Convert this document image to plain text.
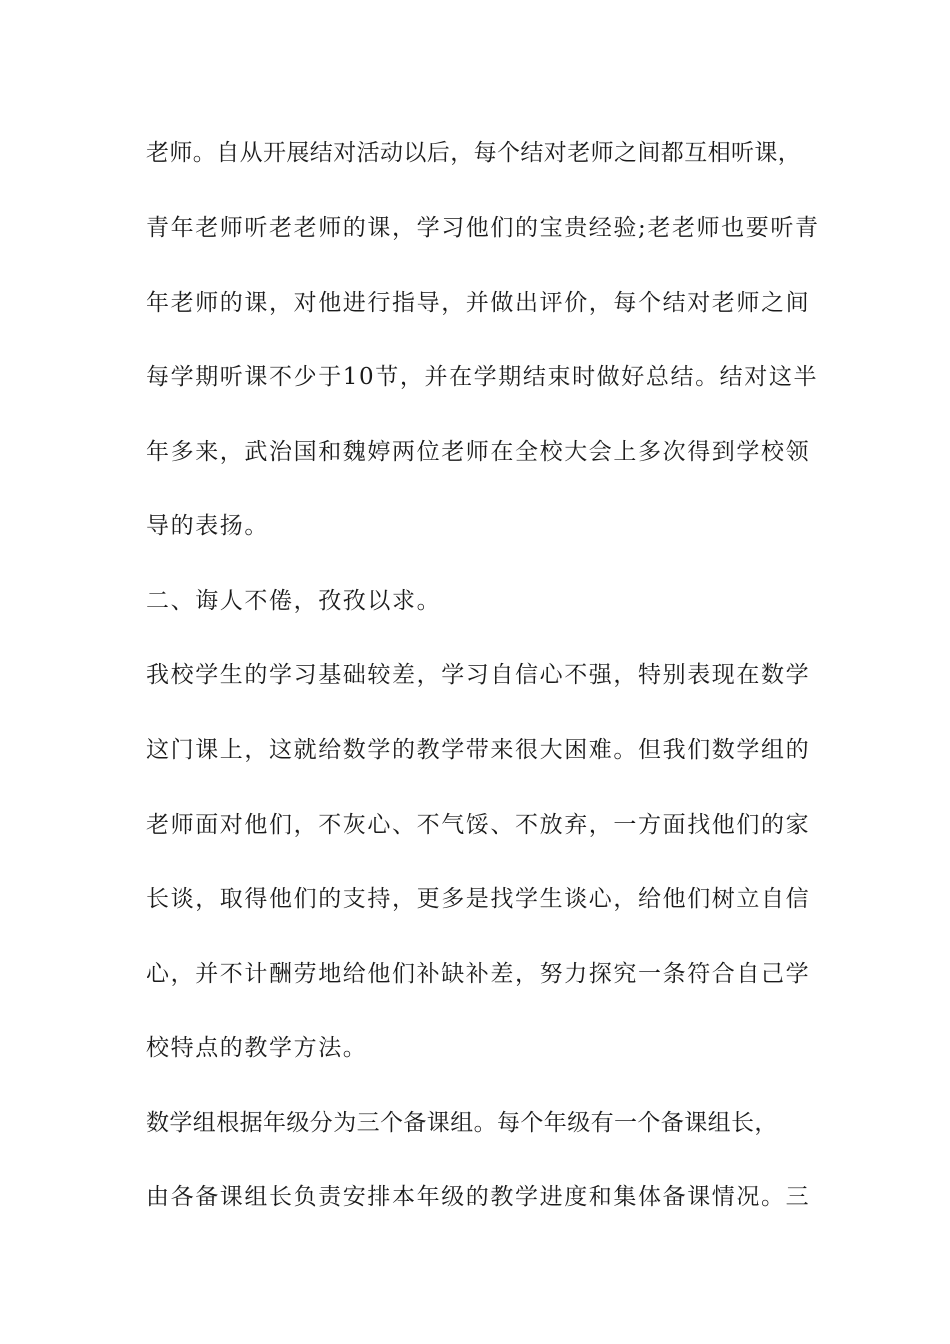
老师。自从开展结对活动以后，每个结对老师之间都互相听课，
青年老师听老老师的课，学习他们的宝贵经验;老老师也要听青
年老师的课，对他进行指导，并做出评价，每个结对老师之间
每学期听课不少于10节，并在学期结束时做好总结。结对这半
年多来，武治国和魏婷两位老师在全校大会上多次得到学校领
导的表扬。
二、诲人不倦，孜孜以求。
我校学生的学习基础较差，学习自信心不强，特别表现在数学
这门课上，这就给数学的教学带来很大困难。但我们数学组的
老师面对他们，不灰心、不气馁、不放弃，一方面找他们的家
长谈，取得他们的支持，更多是找学生谈心，给他们树立自信
心，并不计酬劳地给他们补缺补差，努力探究一条符合自己学
校特点的教学方法。
数学组根据年级分为三个备课组。每个年级有一个备课组长，
由各备课组长负责安排本年级的教学进度和集体备课情况。三
